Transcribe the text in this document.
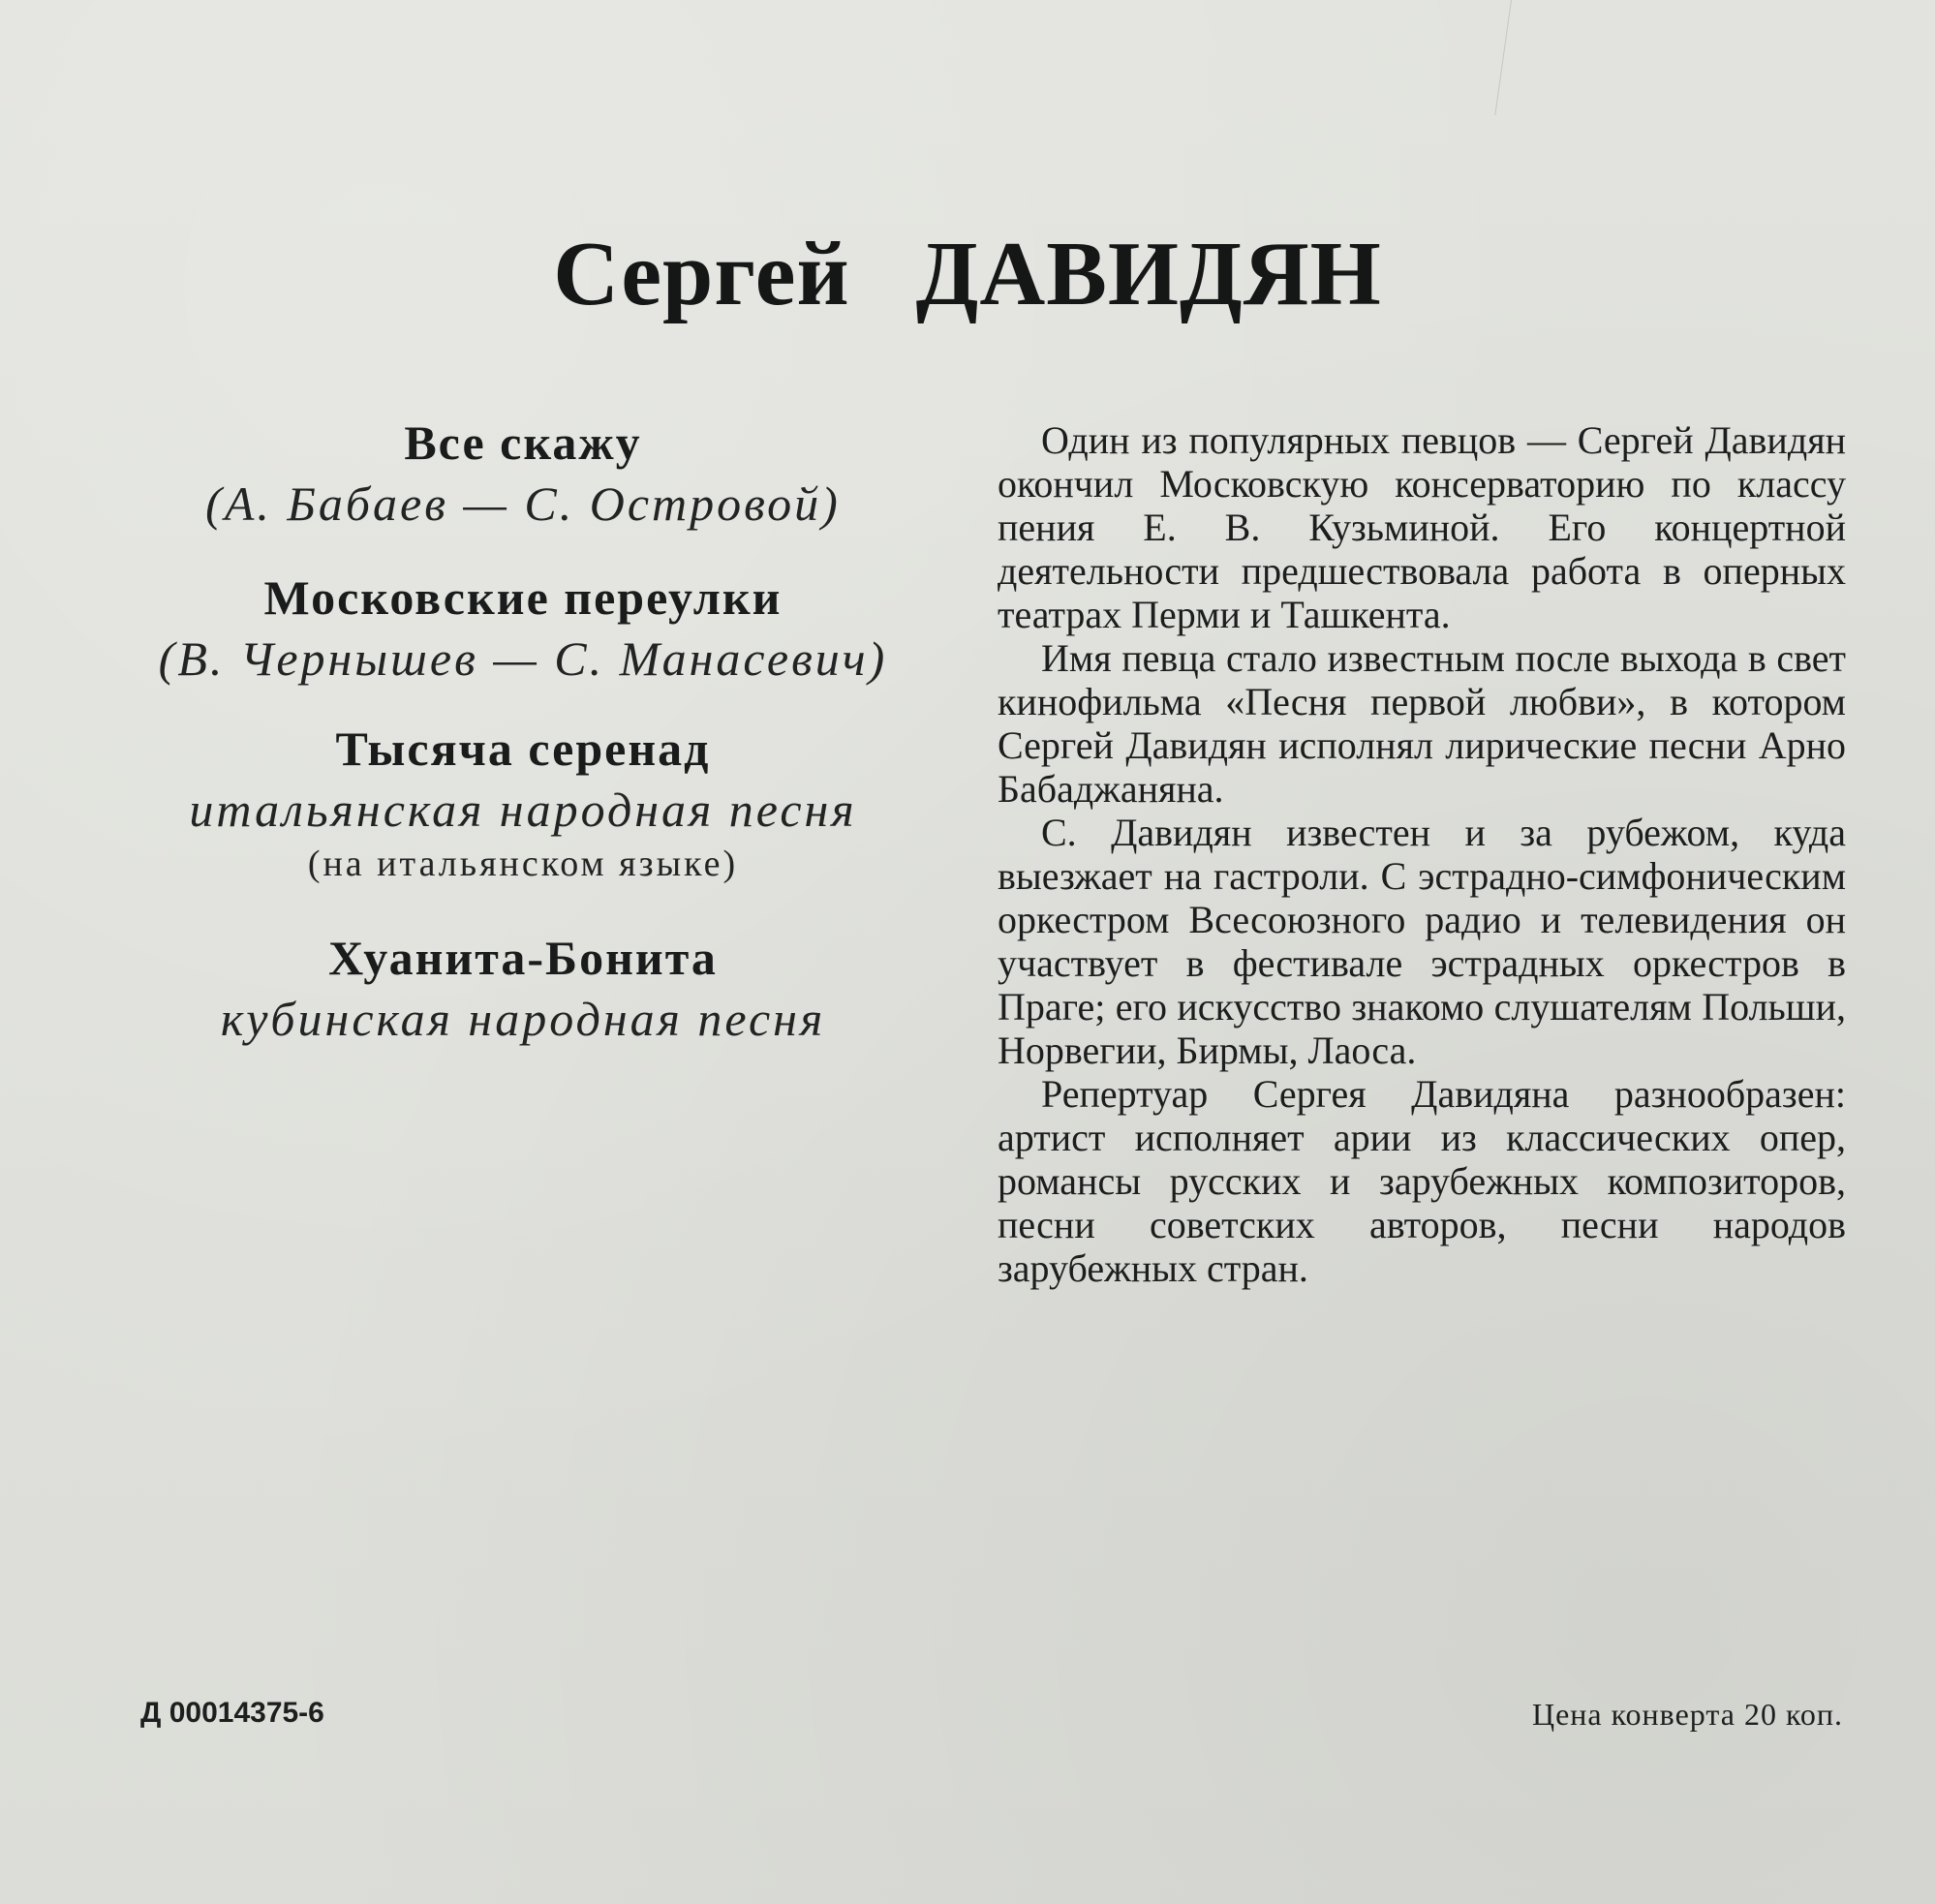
Сергей ДАВИДЯН
Все скажу
(А. Бабаев — С. Островой)
Московские переулки
(В. Чернышев — С. Манасевич)
Тысяча серенад
итальянская народная песня
(на итальянском языке)
Хуанита-Бонита
кубинская народная песня

Один из популярных певцов — Сергей Давидян окончил Московскую консерваторию по классу пения Е. В. Кузьминой. Его концертной деятельности предшествовала работа в оперных театрах Перми и Ташкента.

Имя певца стало известным после выхода в свет кинофильма «Песня первой любви», в котором Сергей Давидян исполнял лирические песни Арно Бабаджаняна.

С. Давидян известен и за рубежом, куда выезжает на гастроли. С эстрадно-симфоническим оркестром Всесоюзного радио и телевидения он участвует в фестивале эстрадных оркестров в Праге; его искусство знакомо слушателям Польши, Норвегии, Бирмы, Лаоса.

Репертуар Сергея Давидяна разнообразен: артист исполняет арии из классических опер, романсы русских и зарубежных композиторов, песни советских авторов, песни народов зарубежных стран.

Д 00014375-6	Цена конверта 20 коп.
